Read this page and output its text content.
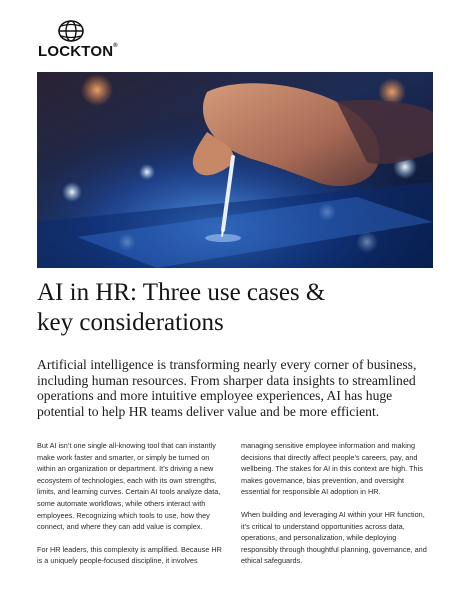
LOCKTON®
AI in HR: Three use cases &
key considerations

Artificial intelligence is transforming nearly every corner of business, including human resources. From sharper data insights to streamlined operations and more intuitive employee experiences, AI has huge potential to help HR teams deliver value and be more efficient.

But AI isn’t one single all-knowing tool that can instantly make work faster and smarter, or simply be turned on within an organization or department. It’s driving a new ecosystem of technologies, each with its own strengths, limits, and learning curves. Certain AI tools analyze data, some automate workflows, while others interact with employees. Recognizing which tools to use, how they connect, and where they can add value is complex.

For HR leaders, this complexity is amplified. Because HR is a uniquely people-focused discipline, it involves

managing sensitive employee information and making decisions that directly affect people’s careers, pay, and wellbeing. The stakes for AI in this context are high. This makes governance, bias prevention, and oversight essential for responsible AI adoption in HR.

When building and leveraging AI within your HR function, it’s critical to understand opportunities across data, operations, and personalization, while deploying responsibly through thoughtful planning, governance, and ethical safeguards.
